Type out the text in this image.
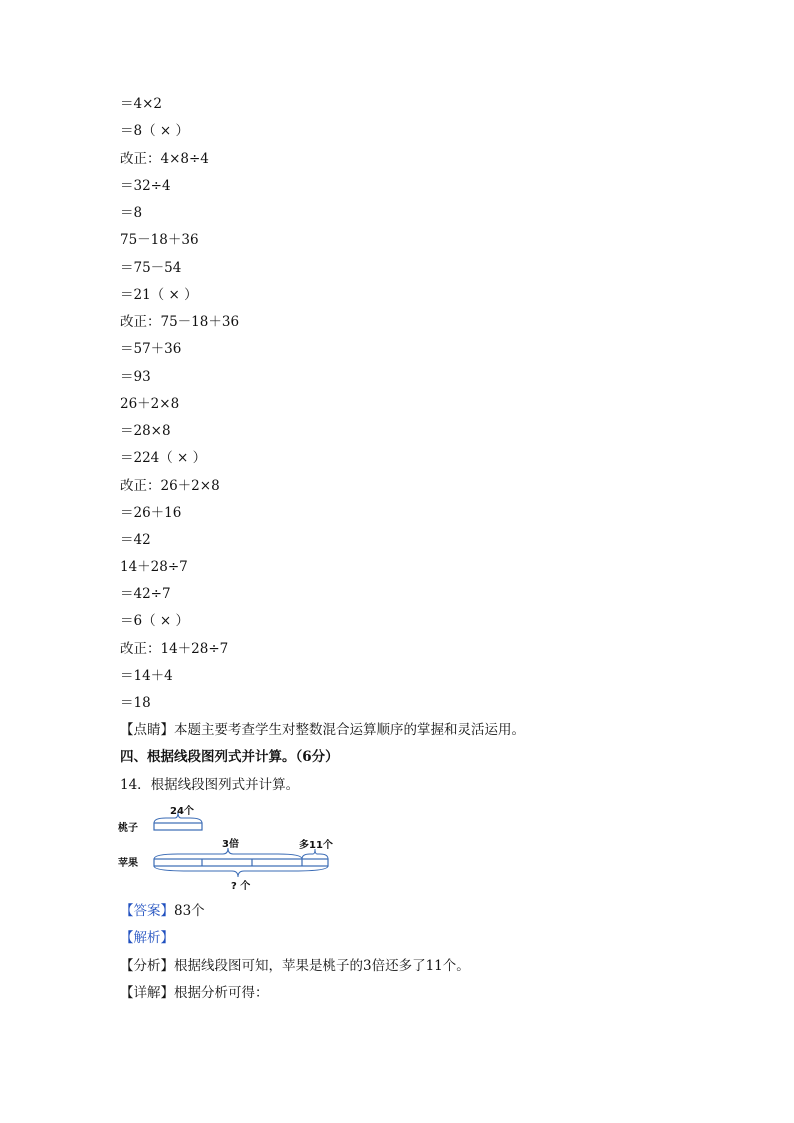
＝4×2
＝8（ × ）
改正：4×8÷4
＝32÷4
＝8
75－18＋36
＝75－54
＝21（ × ）
改正：75－18＋36
＝57＋36
＝93
26＋2×8
＝28×8
＝224（ × ）
改正：26＋2×8
＝26＋16
＝42
14＋28÷7
＝42÷7
＝6（ × ）
改正：14＋28÷7
＝14＋4
＝18
【点睛】本题主要考查学生对整数混合运算顺序的掌握和灵活运用。
四、根据线段图列式并计算。（6分）
14．根据线段图列式并计算。
24个
桃子
苹果
3倍	多11个
? 个
【答案】83个
【解析】
【分析】根据线段图可知，苹果是桃子的3倍还多了11个。
【详解】根据分析可得：
